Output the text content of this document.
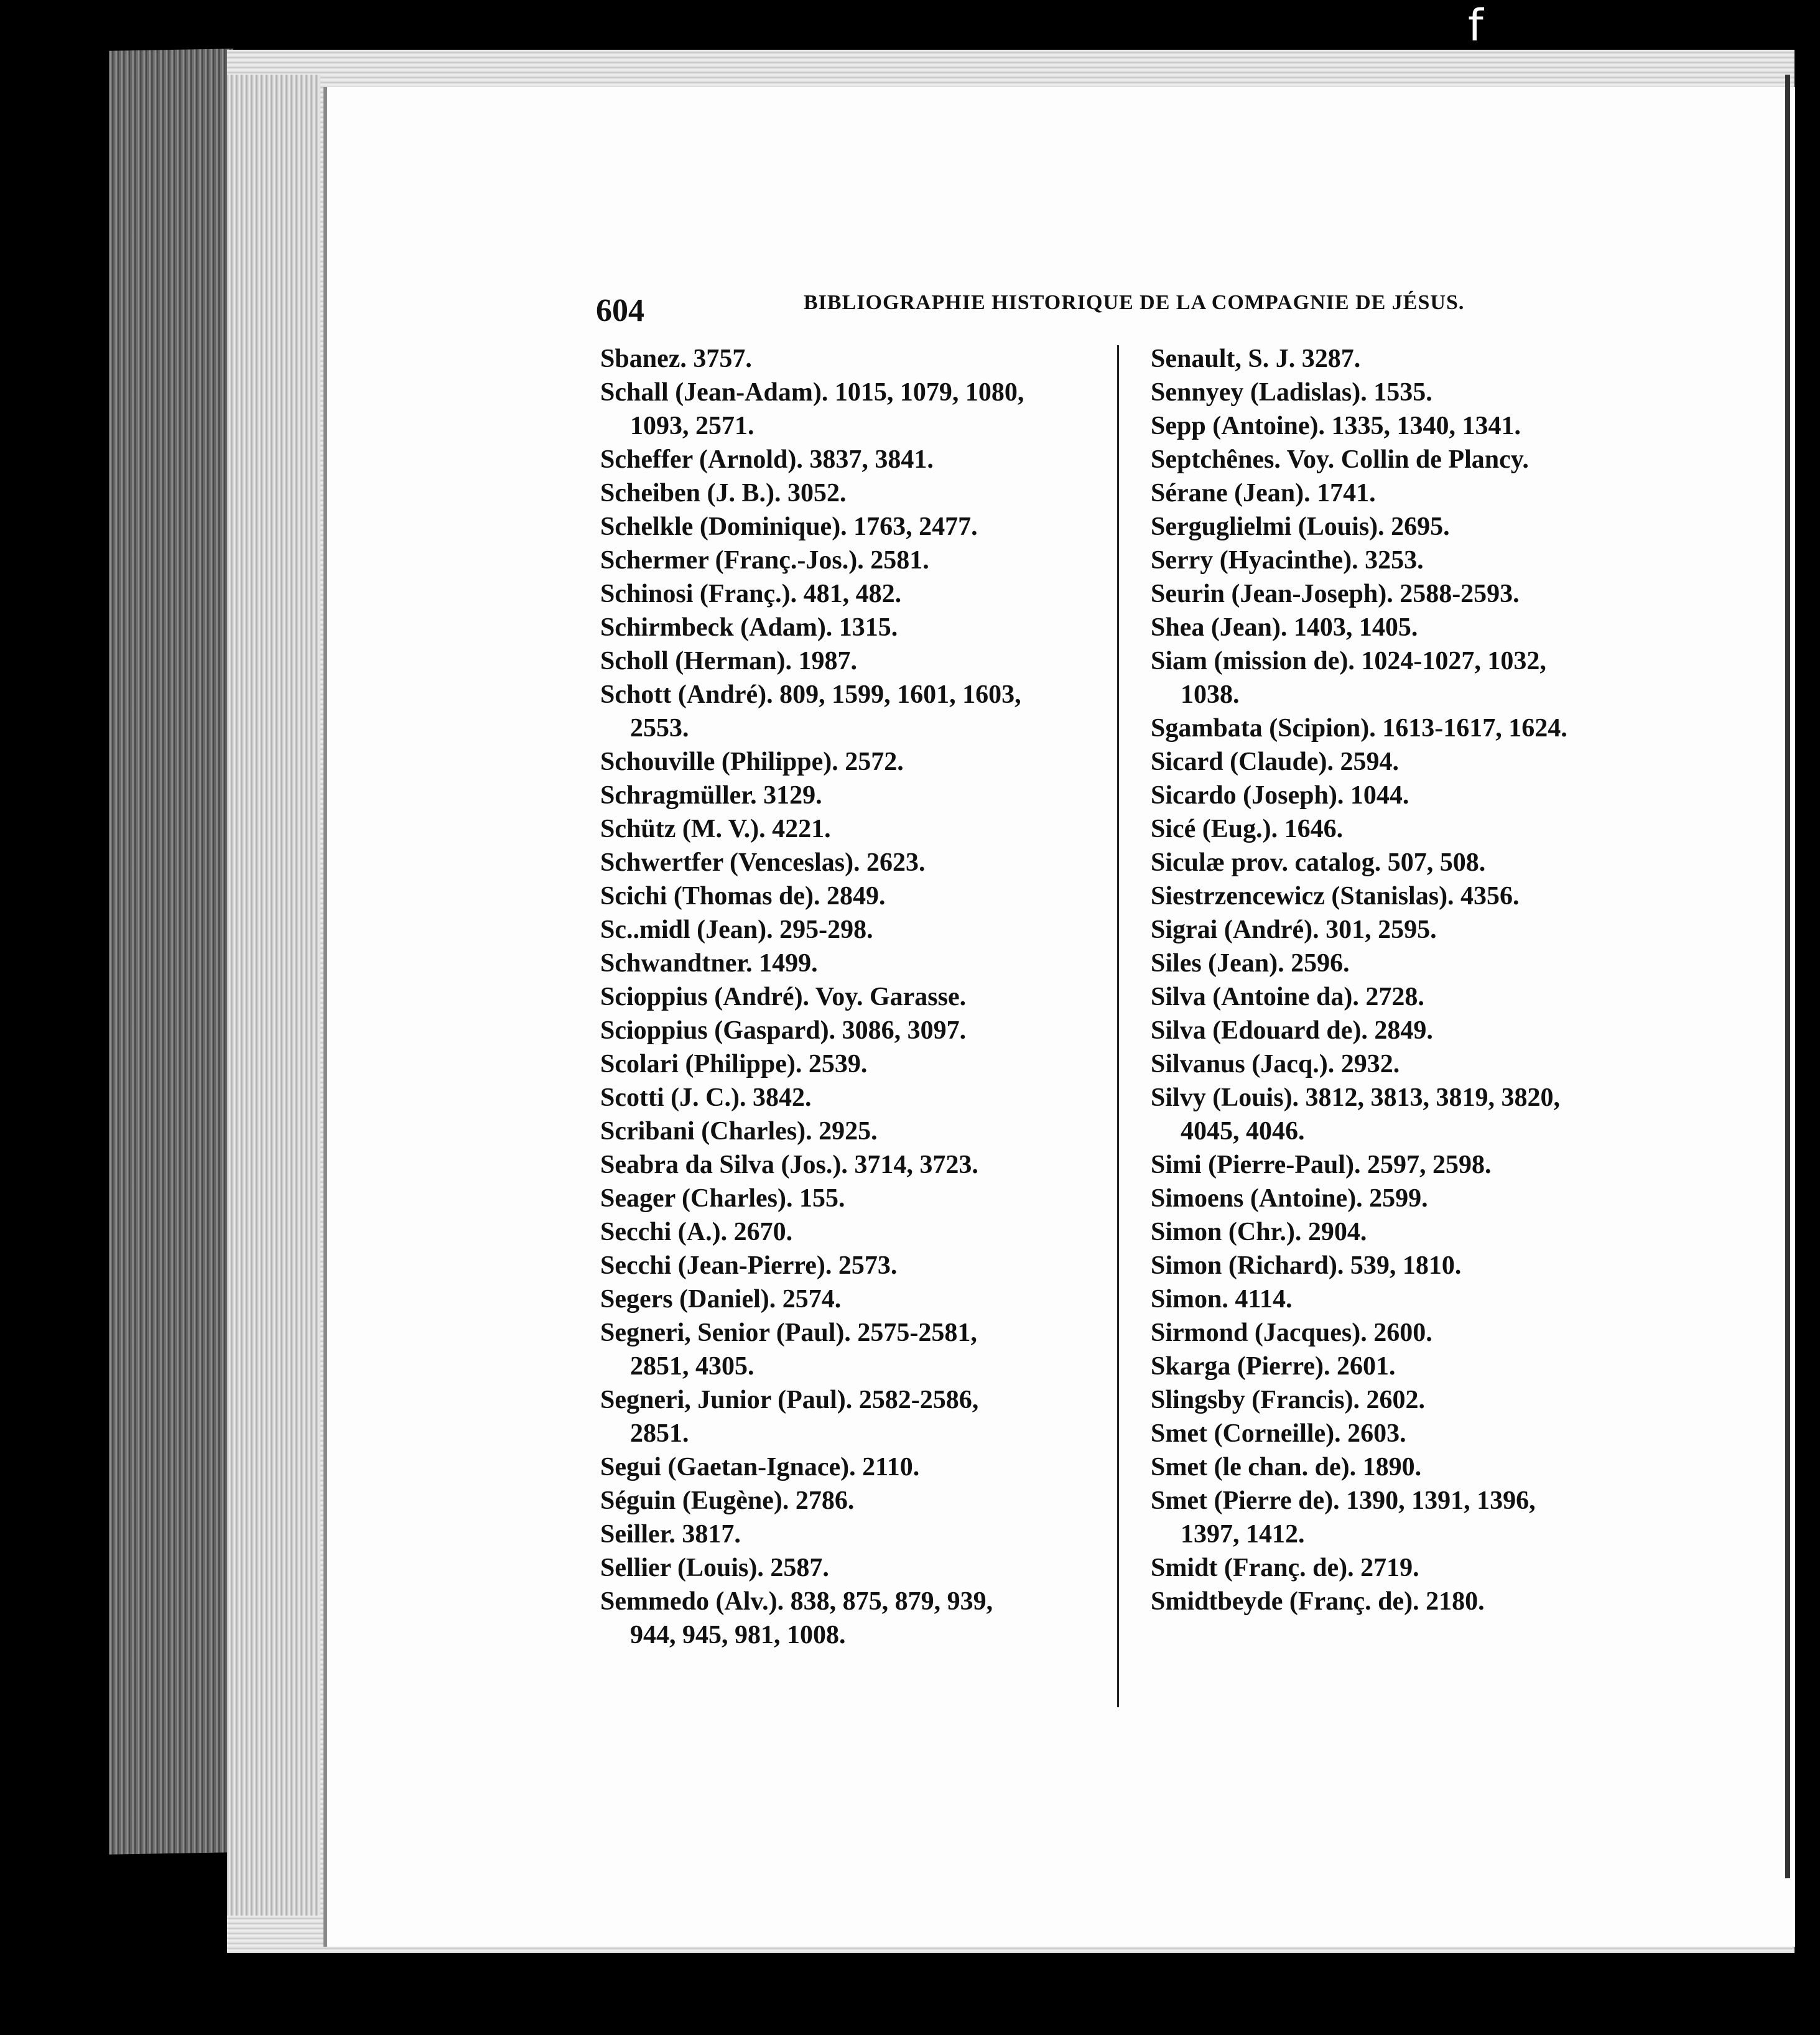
f
604	BIBLIOGRAPHIE HISTORIQUE DE LA COMPAGNIE DE JÉSUS.
Sbanez. 3757.
Schall (Jean-Adam). 1015, 1079, 1080,
1093, 2571.
Scheffer (Arnold). 3837, 3841.
Scheiben (J. B.). 3052.
Schelkle (Dominique). 1763, 2477.
Schermer (Franç.-Jos.). 2581.
Schinosi (Franç.). 481, 482.
Schirmbeck (Adam). 1315.
Scholl (Herman). 1987.
Schott (André). 809, 1599, 1601, 1603,
2553.
Schouville (Philippe). 2572.
Schragmüller. 3129.
Schütz (M. V.). 4221.
Schwertfer (Venceslas). 2623.
Scichi (Thomas de). 2849.
Sc..midl (Jean). 295-298.
Schwandtner. 1499.
Scioppius (André). Voy. Garasse.
Scioppius (Gaspard). 3086, 3097.
Scolari (Philippe). 2539.
Scotti (J. C.). 3842.
Scribani (Charles). 2925.
Seabra da Silva (Jos.). 3714, 3723.
Seager (Charles). 155.
Secchi (A.). 2670.
Secchi (Jean-Pierre). 2573.
Segers (Daniel). 2574.
Segneri, Senior (Paul). 2575-2581,
2851, 4305.
Segneri, Junior (Paul). 2582-2586,
2851.
Segui (Gaetan-Ignace). 2110.
Séguin (Eugène). 2786.
Seiller. 3817.
Sellier (Louis). 2587.
Semmedo (Alv.). 838, 875, 879, 939,
944, 945, 981, 1008.
Senault, S. J. 3287.
Sennyey (Ladislas). 1535.
Sepp (Antoine). 1335, 1340, 1341.
Septchênes. Voy. Collin de Plancy.
Sérane (Jean). 1741.
Serguglielmi (Louis). 2695.
Serry (Hyacinthe). 3253.
Seurin (Jean-Joseph). 2588-2593.
Shea (Jean). 1403, 1405.
Siam (mission de). 1024-1027, 1032,
1038.
Sgambata (Scipion). 1613-1617, 1624.
Sicard (Claude). 2594.
Sicardo (Joseph). 1044.
Sicé (Eug.). 1646.
Siculæ prov. catalog. 507, 508.
Siestrzencewicz (Stanislas). 4356.
Sigrai (André). 301, 2595.
Siles (Jean). 2596.
Silva (Antoine da). 2728.
Silva (Edouard de). 2849.
Silvanus (Jacq.). 2932.
Silvy (Louis). 3812, 3813, 3819, 3820,
4045, 4046.
Simi (Pierre-Paul). 2597, 2598.
Simoens (Antoine). 2599.
Simon (Chr.). 2904.
Simon (Richard). 539, 1810.
Simon. 4114.
Sirmond (Jacques). 2600.
Skarga (Pierre). 2601.
Slingsby (Francis). 2602.
Smet (Corneille). 2603.
Smet (le chan. de). 1890.
Smet (Pierre de). 1390, 1391, 1396,
1397, 1412.
Smidt (Franç. de). 2719.
Smidtbeyde (Franç. de). 2180.
